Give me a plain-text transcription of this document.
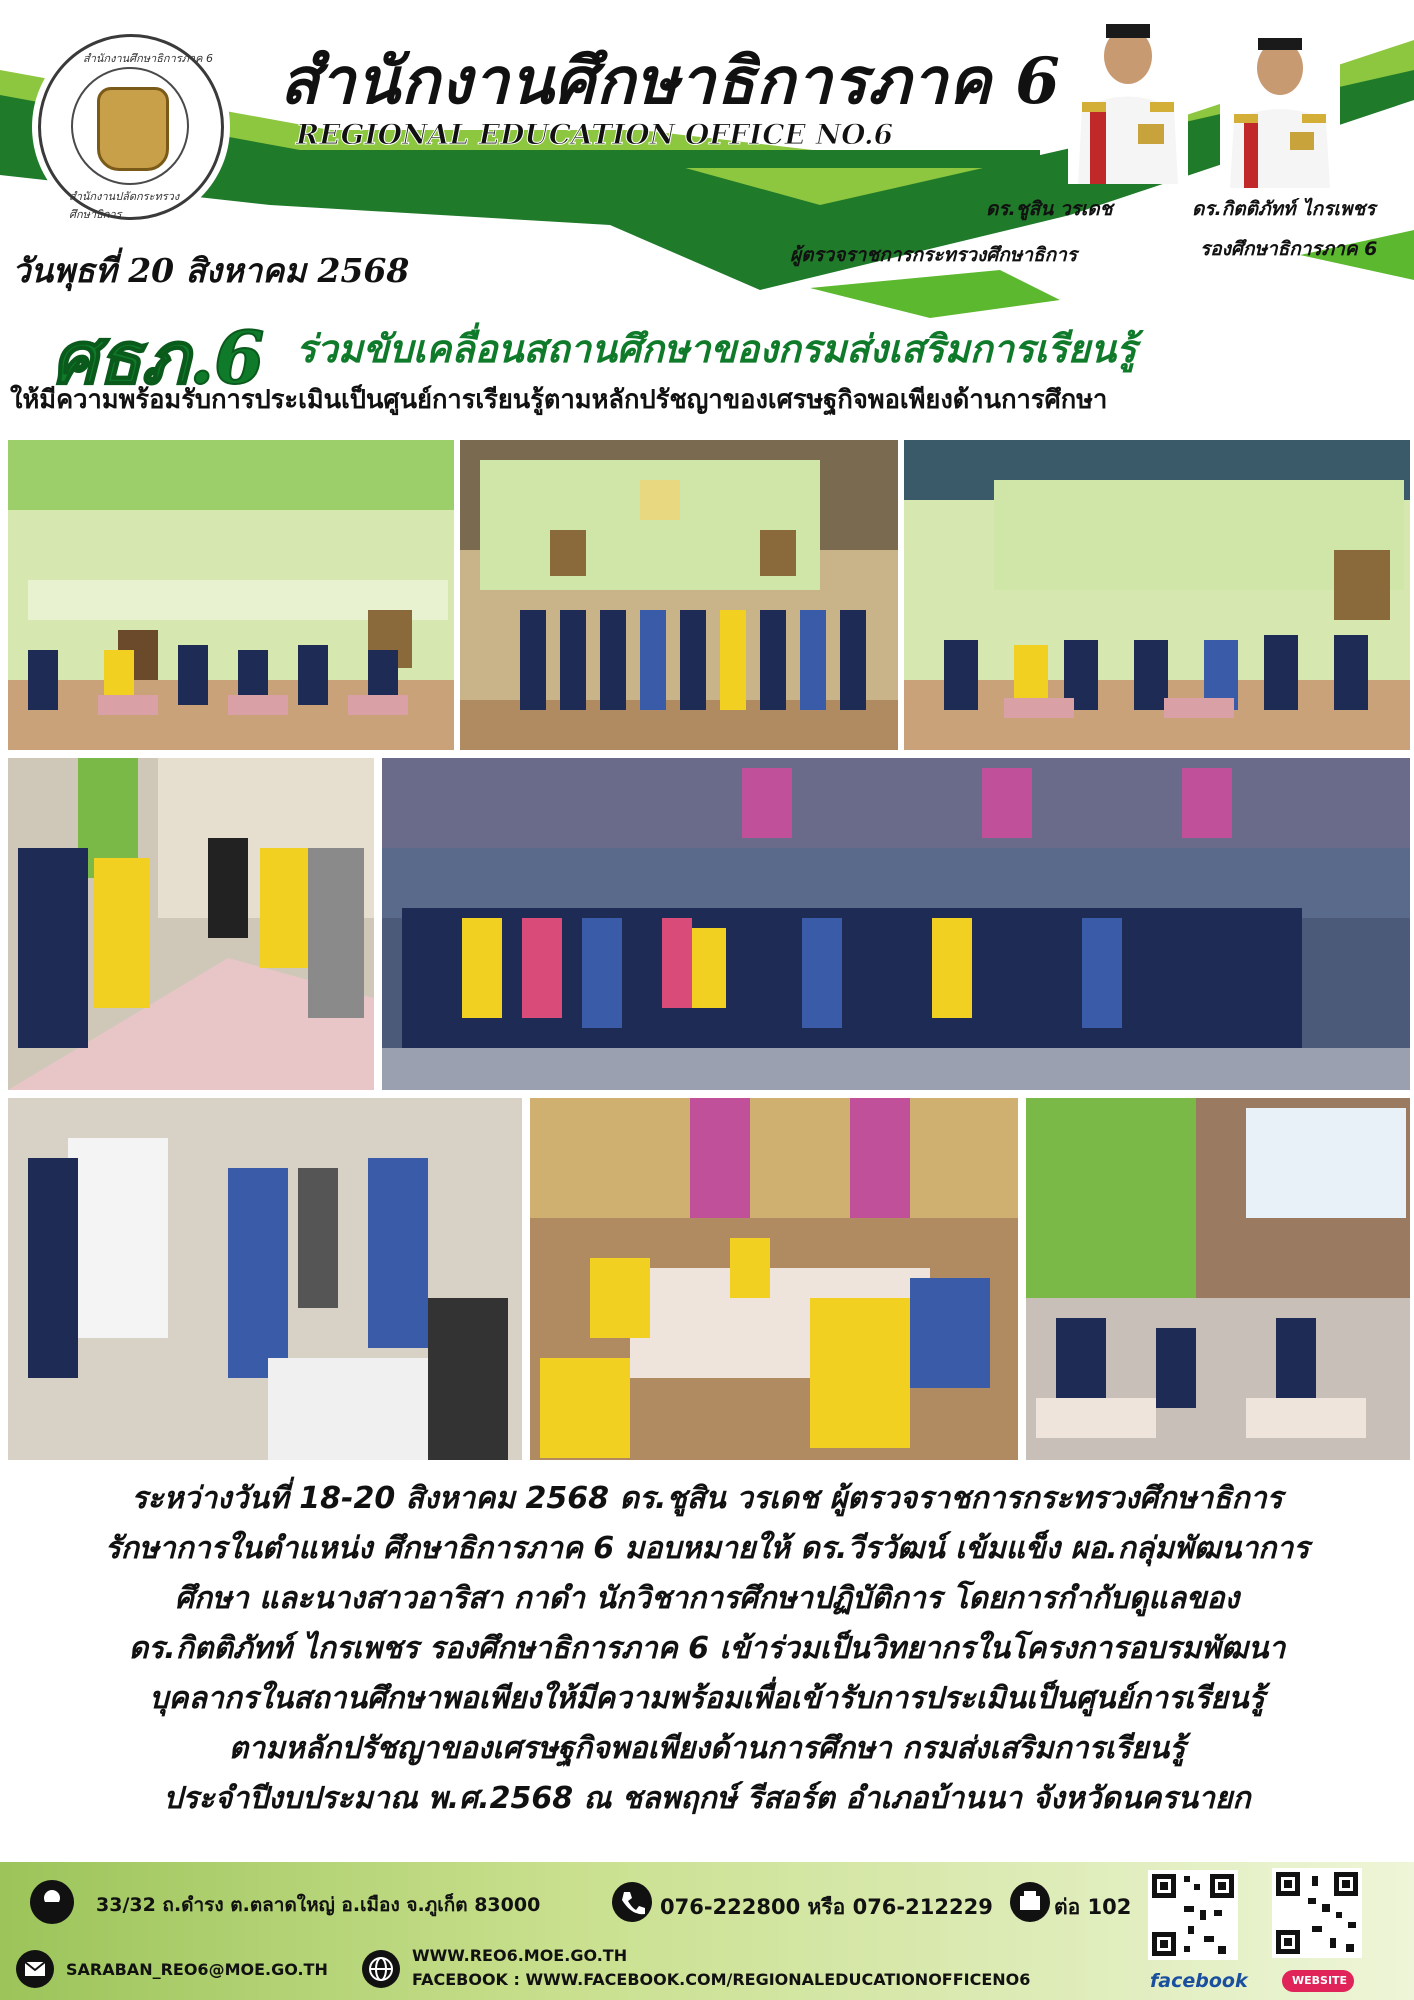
สำนักงานศึกษาธิการภาค 6
สำนักงานปลัดกระทรวงศึกษาธิการ
สำนักงานศึกษาธิการภาค 6
REGIONAL EDUCATION OFFICE NO.6
ดร.ชูสิน วรเดช
ผู้ตรวจราชการกระทรวงศึกษาธิการ
ดร.กิตติภัทท์ ไกรเพชร
รองศึกษาธิการภาค 6
วันพุธที่ 20 สิงหาคม 2568
ศธภ.6 ร่วมขับเคลื่อนสถานศึกษาของกรมส่งเสริมการเรียนรู้
ให้มีความพร้อมรับการประเมินเป็นศูนย์การเรียนรู้ตามหลักปรัชญาของเศรษฐกิจพอเพียงด้านการศึกษา
ระหว่างวันที่ 18-20 สิงหาคม 2568 ดร.ชูสิน วรเดช ผู้ตรวจราชการกระทรวงศึกษาธิการ
รักษาการในตำแหน่ง ศึกษาธิการภาค 6 มอบหมายให้ ดร.วีรวัฒน์ เข้มแข็ง ผอ.กลุ่มพัฒนาการ
ศึกษา และนางสาวอาริสา กาดำ นักวิชาการศึกษาปฏิบัติการ โดยการกำกับดูแลของ
ดร.กิตติภัทท์ ไกรเพชร รองศึกษาธิการภาค 6 เข้าร่วมเป็นวิทยากรในโครงการอบรมพัฒนา
บุคลากรในสถานศึกษาพอเพียงให้มีความพร้อมเพื่อเข้ารับการประเมินเป็นศูนย์การเรียนรู้
ตามหลักปรัชญาของเศรษฐกิจพอเพียงด้านการศึกษา กรมส่งเสริมการเรียนรู้
ประจำปีงบประมาณ พ.ศ.2568 ณ ชลพฤกษ์ รีสอร์ต อำเภอบ้านนา จังหวัดนครนายก
33/32 ถ.ดำรง ต.ตลาดใหญ่ อ.เมือง จ.ภูเก็ต 83000	076-222800 หรือ 076-212229	ต่อ 102
SARABAN_REO6@MOE.GO.TH
WWW.REO6.MOE.GO.TH
FACEBOOK : WWW.FACEBOOK.COM/REGIONALEDUCATIONOFFICENO6	facebook	WEBSITE
